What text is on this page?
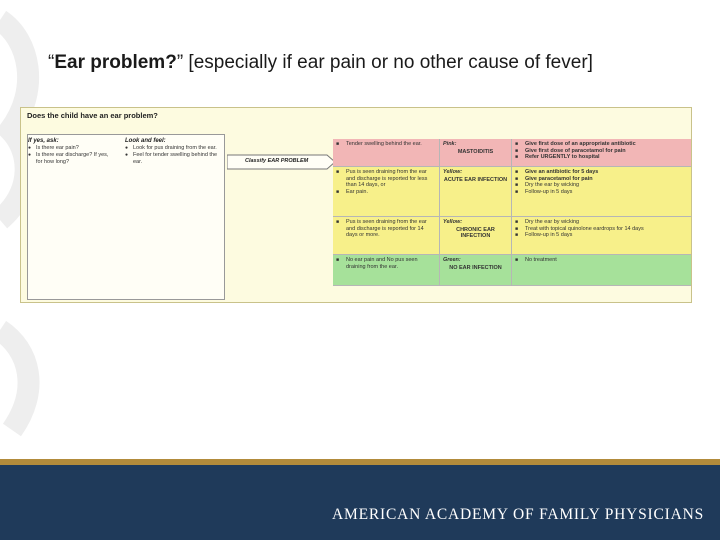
“Ear problem?” [especially if ear pain or no other cause of fever]
Does the child have an ear problem?
If yes, ask:
● Is there ear pain?
● Is there ear discharge? If yes, for how long?
Look and feel:
● Look for pus draining from the ear.
● Feel for tender swelling behind the ear.	Classify EAR PROBLEM
■ Tender swelling behind the ear.	Pink:
MASTOIDITIS
■ Give first dose of an appropriate antibiotic
■ Give first dose of paracetamol for pain
■ Refer URGENTLY to hospital
■ Pus is seen draining from the ear and discharge is reported for less than 14 days, or
■ Ear pain.
Yellow:
ACUTE EAR INFECTION
■ Give an antibiotic for 5 days
■ Give paracetamol for pain
■ Dry the ear by wicking
■ Follow-up in 5 days
■ Pus is seen draining from the ear and discharge is reported for 14 days or more.
Yellow:
CHRONIC EAR INFECTION
■ Dry the ear by wicking
■ Treat with topical quinolone eardrops for 14 days
■ Follow-up in 5 days
■ No ear pain and No pus seen draining from the ear.
Green:
NO EAR INFECTION
■ No treatment
AMERICAN ACADEMY OF FAMILY PHYSICIANS
